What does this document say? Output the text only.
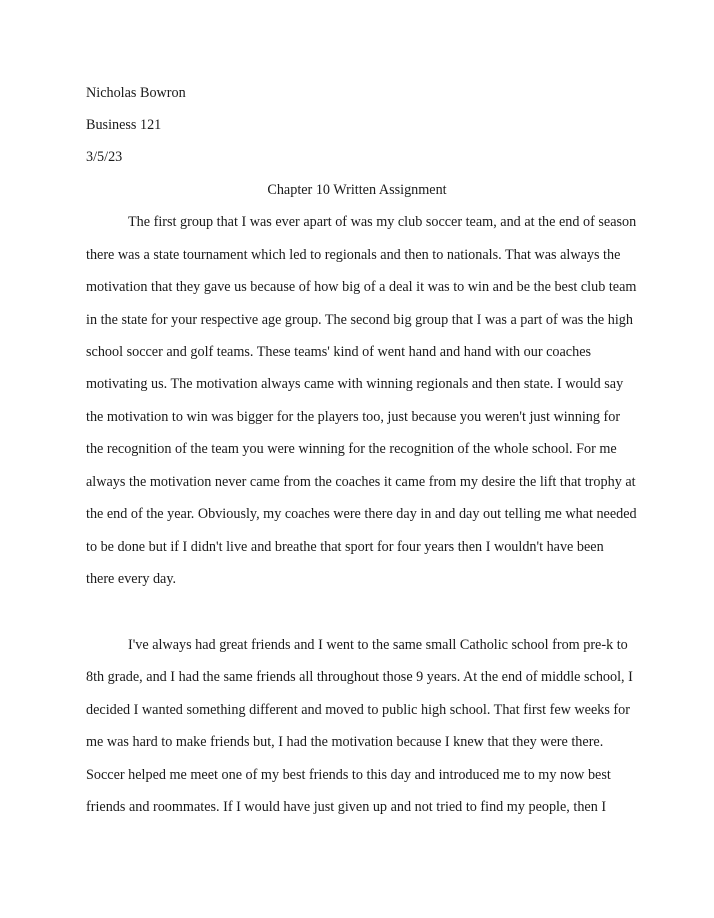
Nicholas Bowron
Business 121
3/5/23
Chapter 10 Written Assignment
The first group that I was ever apart of was my club soccer team, and at the end of season
there was a state tournament which led to regionals and then to nationals. That was always the
motivation that they gave us because of how big of a deal it was to win and be the best club team
in the state for your respective age group. The second big group that I was a part of was the high
school soccer and golf teams. These teams' kind of went hand and hand with our coaches
motivating us. The motivation always came with winning regionals and then state. I would say
the motivation to win was bigger for the players too, just because you weren't just winning for
the recognition of the team you were winning for the recognition of the whole school. For me
always the motivation never came from the coaches it came from my desire the lift that trophy at
the end of the year. Obviously, my coaches were there day in and day out telling me what needed
to be done but if I didn't live and breathe that sport for four years then I wouldn't have been
there every day.
I've always had great friends and I went to the same small Catholic school from pre-k to
8th grade, and I had the same friends all throughout those 9 years. At the end of middle school, I
decided I wanted something different and moved to public high school. That first few weeks for
me was hard to make friends but, I had the motivation because I knew that they were there.
Soccer helped me meet one of my best friends to this day and introduced me to my now best
friends and roommates. If I would have just given up and not tried to find my people, then I
